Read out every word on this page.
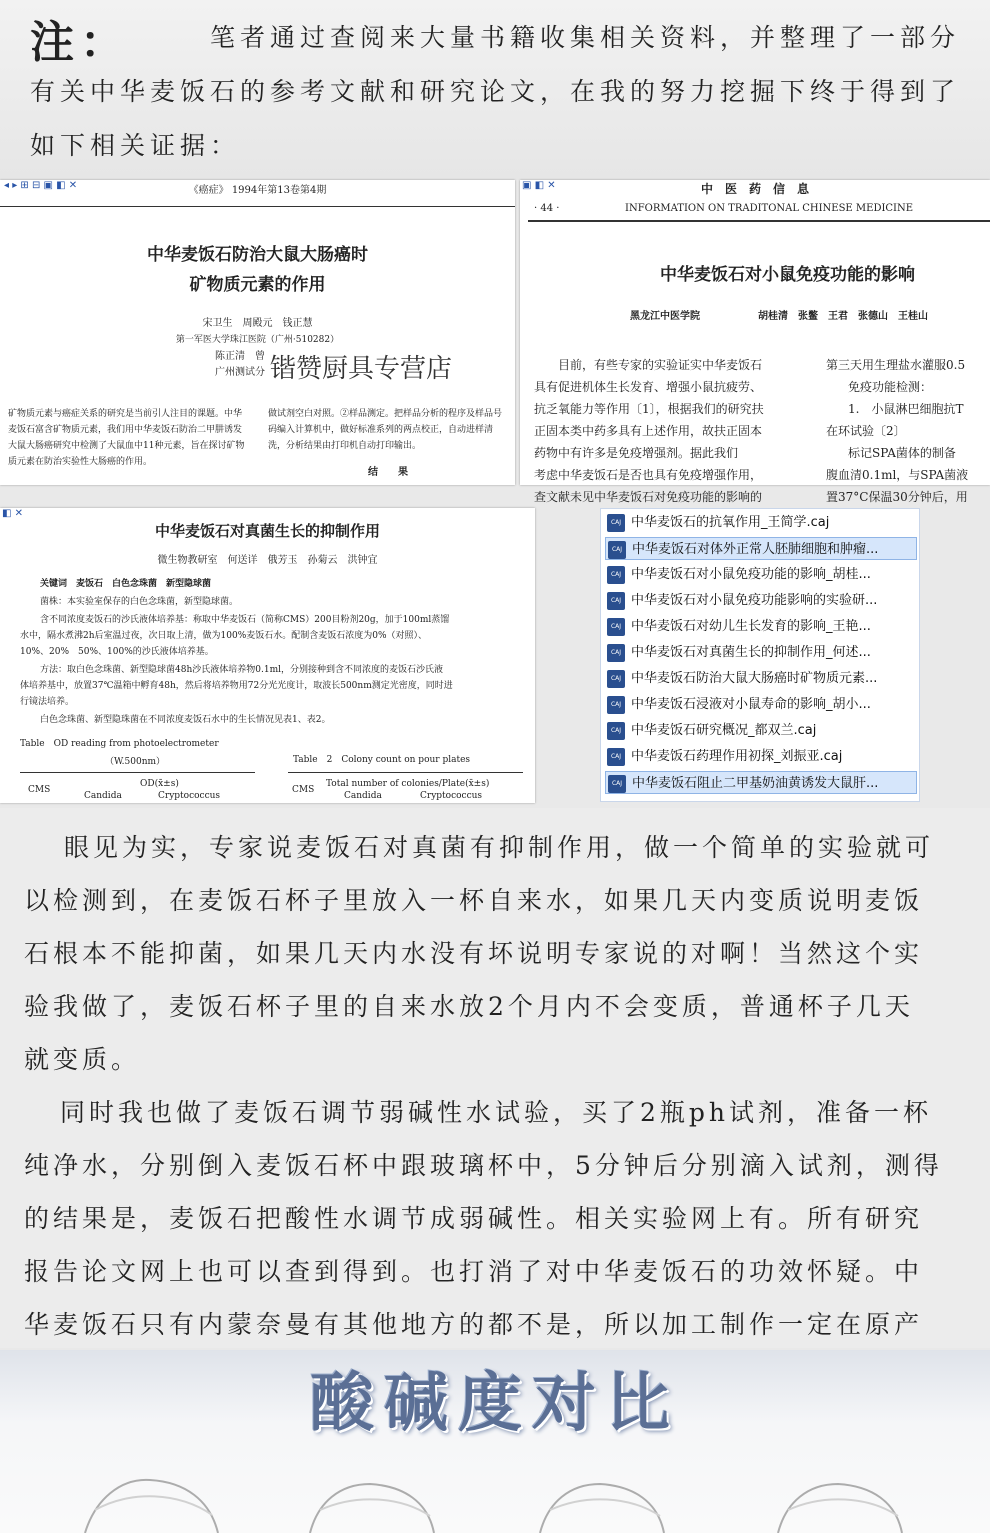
注：	笔者通过查阅来大量书籍收集相关资料，并整理了一部分
有关中华麦饭石的参考文献和研究论文，在我的努力挖掘下终于得到了
如下相关证据：
◂ ▸ ⊞ ⊟ ▣ ◧ ✕	《癌症》 1994年第13卷第4期
中华麦饭石防治大鼠大肠癌时
矿物质元素的作用
宋卫生　周殿元　钱正慧
第一军医大学珠江医院（广州·510282）
陈正清　曾　
广州测试分
矿物质元素与癌症关系的研究是当前引人注目的课题。中华麦饭石富含矿物质元素，我们用中华麦饭石防治二甲肼诱发大鼠大肠癌研究中检测了大鼠血中11种元素，旨在探讨矿物质元素在防治实验性大肠癌的作用。
做试剂空白对照。②样品测定。把样品分析的程序及样品号码编入计算机中，做好标准系列的两点校正，自动进样清洗，分析结果由打印机自动打印输出。
结　　果
▣ ◧ ✕	中　医　药　信　息
· 44 ·	INFORMATION ON TRADITONAL CHINESE MEDICINE
中华麦饭石对小鼠免疫功能的影响
黑龙江中医学院	胡桂清　张鳖　王君　张德山　王桂山
目前，有些专家的实验证实中华麦饭石
具有促进机体生长发育、增强小鼠抗疲劳、
抗乏氧能力等作用〔1〕，根据我们的研究扶
正固本类中药多具有上述作用，故扶正固本
药物中有许多是免疫增强剂。据此我们
考虑中华麦饭石是否也具有免疫增强作用，
查文献未见中华麦饭石对免疫功能的影响的
第三天用生理盐水灌服0.5
免疫功能检测：
1.　小鼠淋巴细胞抗T
在环试验〔2〕
标记SPA菌体的制备
腹血清0.1ml，与SPA菌液
置37°C保温30分钟后，用
锴赞厨具专营店
◧ ✕
中华麦饭石对真菌生长的抑制作用
微生物教研室　何送详　俄芳玉　孙菊云　洪钟宜
关键词　麦饭石　白色念珠菌　新型隐球菌
菌株：本实验室保存的白色念珠菌，新型隐球菌。
含不同浓度麦饭石的沙氏液体培养基：称取中华麦饭石（简称CMS）200目粉剂20g，加于100ml蒸馏
水中，隔水煮沸2h后室温过夜，次日取上清，做为100%麦饭石水。配制含麦饭石浓度为0%（对照）、
10%、20%　50%、100%的沙氏液体培养基。
方法：取白色念珠菌、新型隐球菌48h沙氏液体培养物0.1ml，分别接种到含不同浓度的麦饭石沙氏液
体培养基中，放置37℃温箱中孵育48h，然后将培养物用72分光光度计，取波长500nm测定光密度，同时进
行镜法培养。
白色念珠菌、新型隐珠菌在不同浓度麦饭石水中的生长情况见表1、表2。
Table　OD reading from photoelectrometer
（W.500nm）	Table　2　Colony count on pour plates
CMS
OD(x̄±s)
Candida	Cryptococcus
CMS
Total number of colonies/Plate(x̄±s)
Candida	Cryptococcus
CAJ 中华麦饭石的抗氧作用_王简学.caj
CAJ 中华麦饭石对体外正常人胚肺细胞和肿瘤...
CAJ 中华麦饭石对小鼠免疫功能的影响_胡桂...
CAJ 中华麦饭石对小鼠免疫功能影响的实验研...
CAJ 中华麦饭石对幼儿生长发育的影响_王艳...
CAJ 中华麦饭石对真菌生长的抑制作用_何述...
CAJ 中华麦饭石防治大鼠大肠癌时矿物质元素...
CAJ 中华麦饭石浸液对小鼠寿命的影响_胡小...
CAJ 中华麦饭石研究概况_都双兰.caj
CAJ 中华麦饭石药理作用初探_刘振亚.caj
CAJ 中华麦饭石阻止二甲基奶油黄诱发大鼠肝...
眼见为实，专家说麦饭石对真菌有抑制作用，做一个简单的实验就可
以检测到，在麦饭石杯子里放入一杯自来水，如果几天内变质说明麦饭
石根本不能抑菌，如果几天内水没有坏说明专家说的对啊！当然这个实
验我做了，麦饭石杯子里的自来水放2个月内不会变质，普通杯子几天
就变质。
同时我也做了麦饭石调节弱碱性水试验，买了2瓶ph试剂，准备一杯
纯净水，分别倒入麦饭石杯中跟玻璃杯中，5分钟后分别滴入试剂，测得
的结果是，麦饭石把酸性水调节成弱碱性。相关实验网上有。所有研究
报告论文网上也可以查到得到。也打消了对中华麦饭石的功效怀疑。中
华麦饭石只有内蒙奈曼有其他地方的都不是，所以加工制作一定在原产
酸碱度对比
